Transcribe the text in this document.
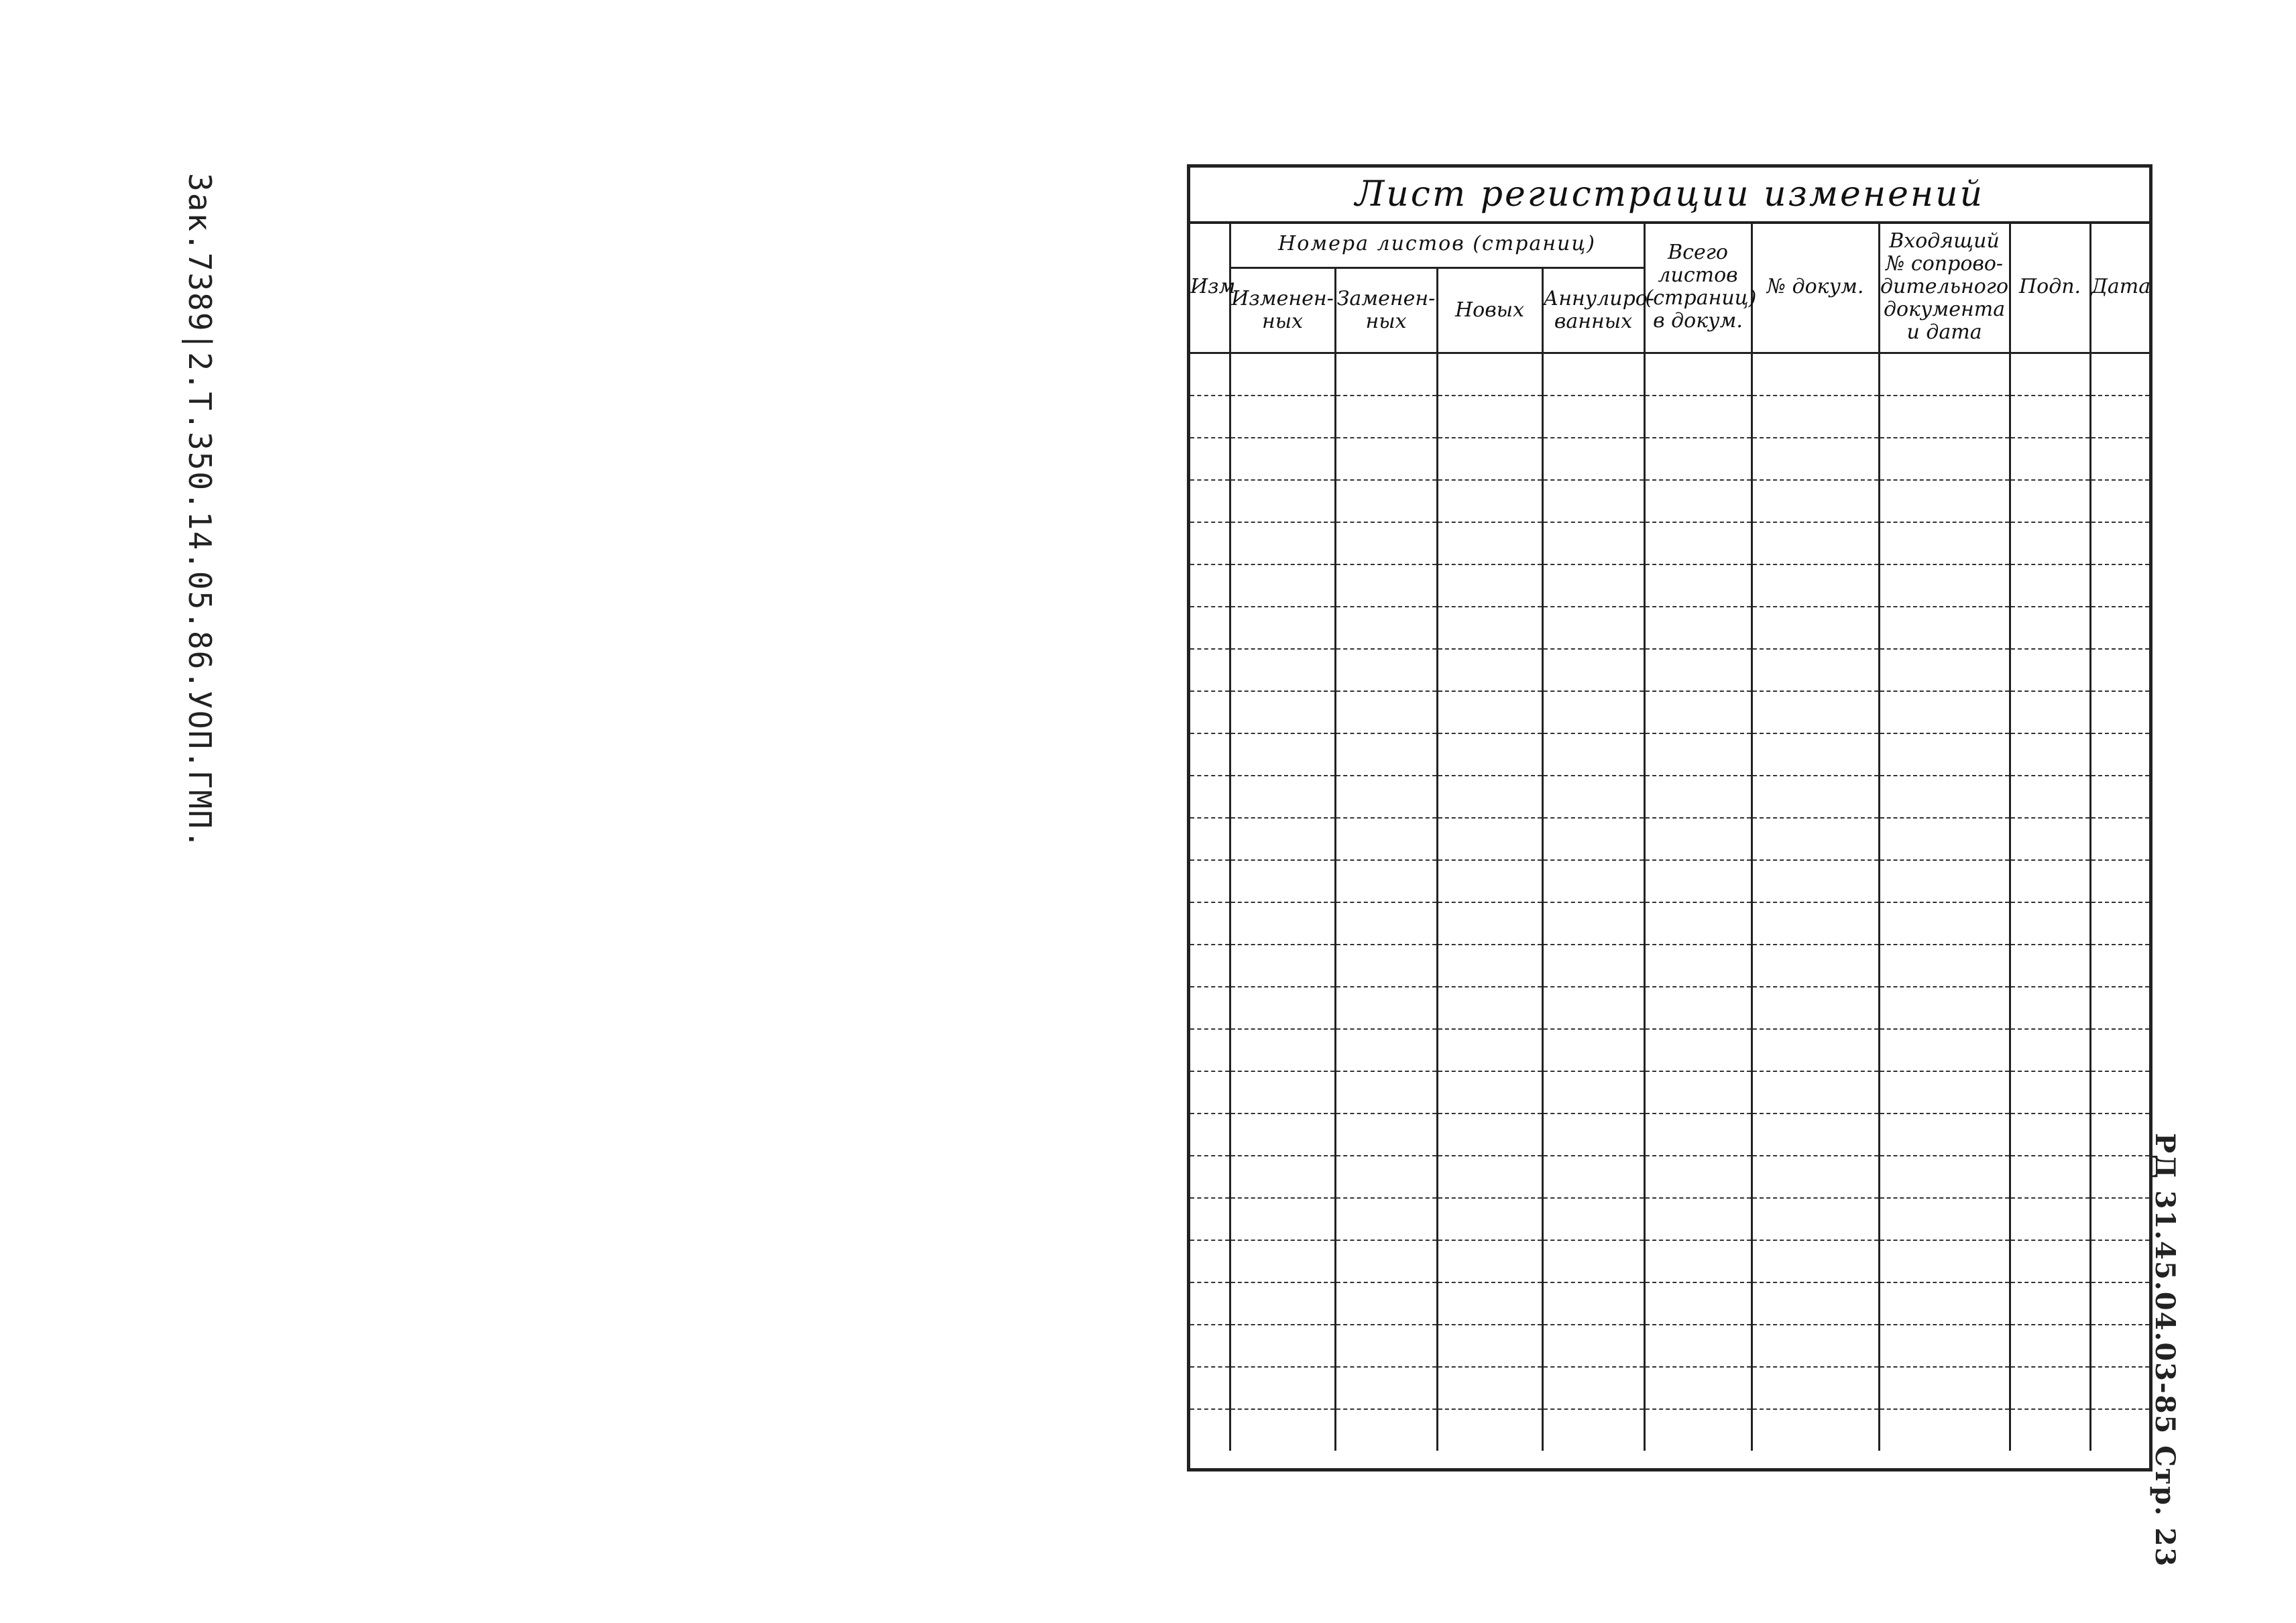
Зак.7389|2.Т.350.14.05.86.УОП.ГМП.
РД 31.45.04.03-85 Стр. 23
Лист регистрации изменений
Изм	Номера листов (страниц)				Всего листов (страниц) в докум.	№ докум.	Входящий № сопрово-дительного документа и дата	Подп.	Дата
	Изменен-ных	Заменен-ных	Новых	Аннулиро-ванных					
